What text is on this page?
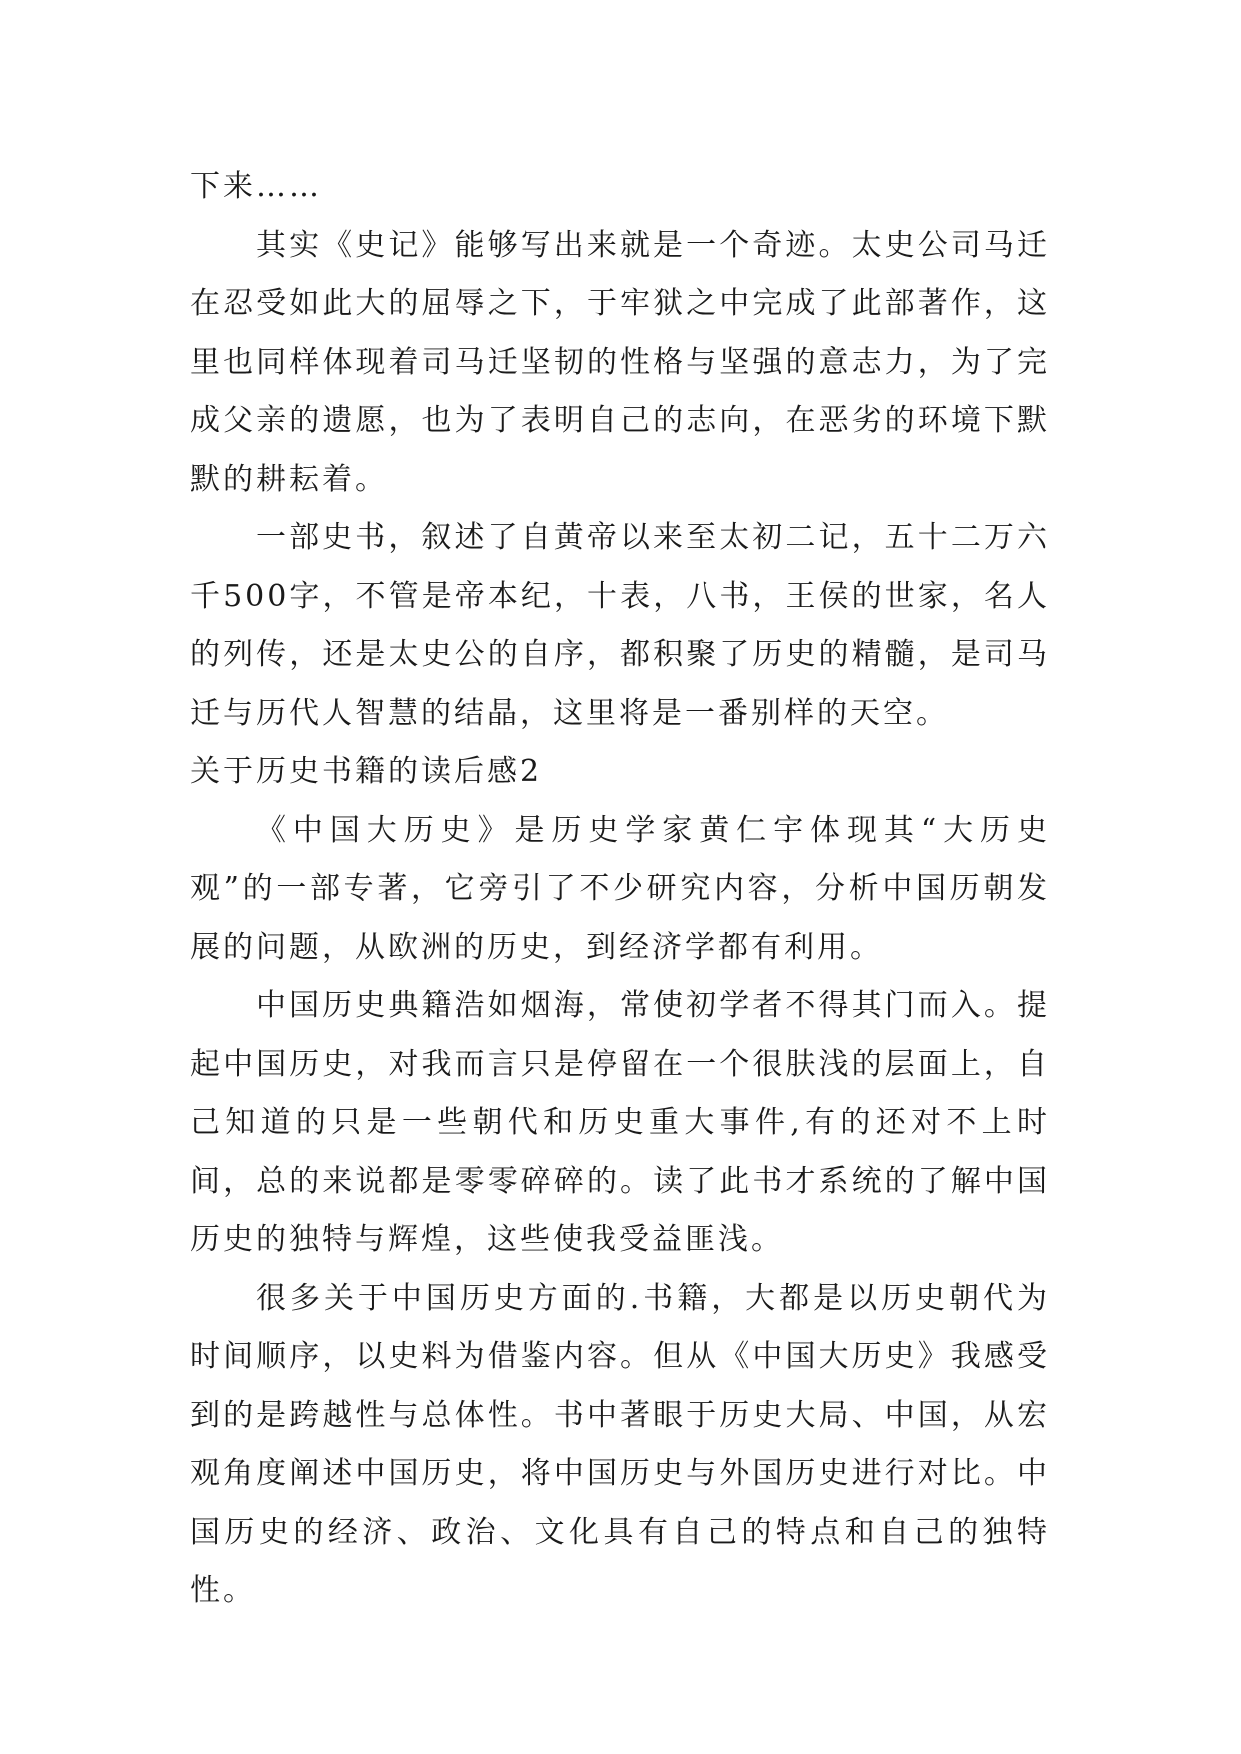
下来……

其实《史记》能够写出来就是一个奇迹。太史公司马迁在忍受如此大的屈辱之下，于牢狱之中完成了此部著作，这里也同样体现着司马迁坚韧的性格与坚强的意志力，为了完成父亲的遗愿，也为了表明自己的志向，在恶劣的环境下默默的耕耘着。

一部史书，叙述了自黄帝以来至太初二记，五十二万六千500字，不管是帝本纪，十表，八书，王侯的世家，名人的列传，还是太史公的自序，都积聚了历史的精髓，是司马迁与历代人智慧的结晶，这里将是一番别样的天空。

关于历史书籍的读后感2

《中国大历史》是历史学家黄仁宇体现其“大历史观”的一部专著，它旁引了不少研究内容，分析中国历朝发展的问题，从欧洲的历史，到经济学都有利用。

中国历史典籍浩如烟海，常使初学者不得其门而入。提起中国历史，对我而言只是停留在一个很肤浅的层面上，自己知道的只是一些朝代和历史重大事件,有的还对不上时间，总的来说都是零零碎碎的。读了此书才系统的了解中国历史的独特与辉煌，这些使我受益匪浅。

很多关于中国历史方面的.书籍，大都是以历史朝代为时间顺序，以史料为借鉴内容。但从《中国大历史》我感受到的是跨越性与总体性。书中著眼于历史大局、中国，从宏观角度阐述中国历史，将中国历史与外国历史进行对比。中国历史的经济、政治、文化具有自己的特点和自己的独特性。
